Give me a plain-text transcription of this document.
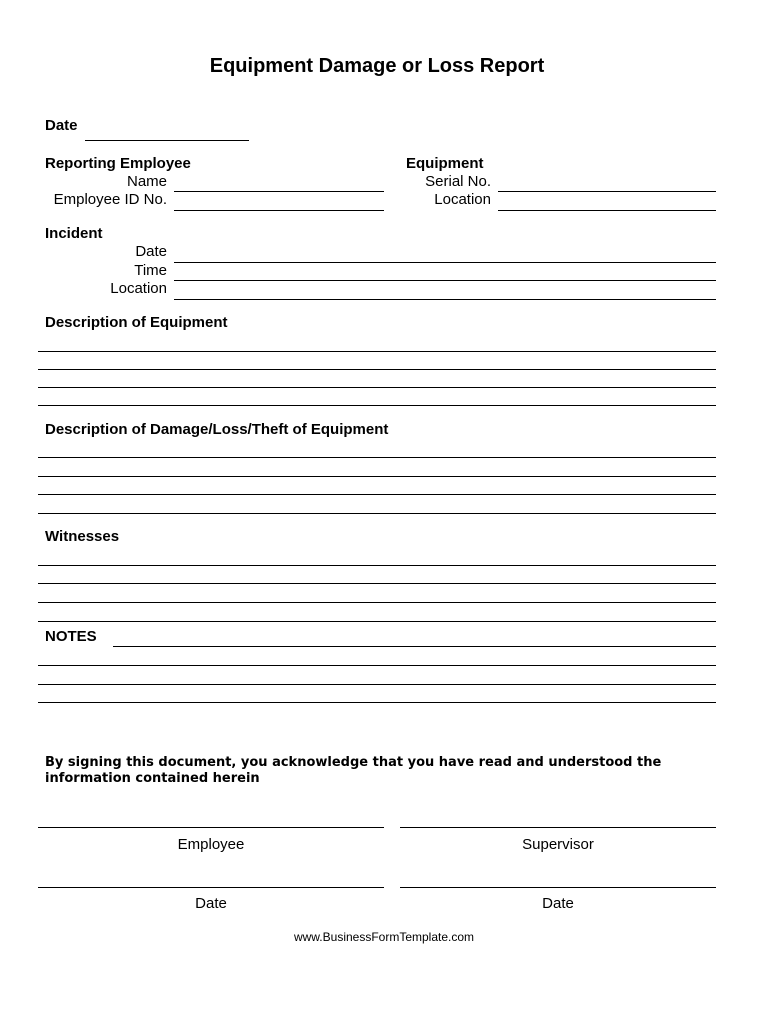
Equipment Damage or Loss Report
Date
Reporting Employee
Name
Employee ID No.
Equipment
Serial No.
Location
Incident
Date
Time
Location
Description of Equipment
Description of Damage/Loss/Theft of Equipment
Witnesses
NOTES
By signing this document, you acknowledge that you have read and understood the information contained herein
Employee	Supervisor
Date	Date
www.BusinessFormTemplate.com
